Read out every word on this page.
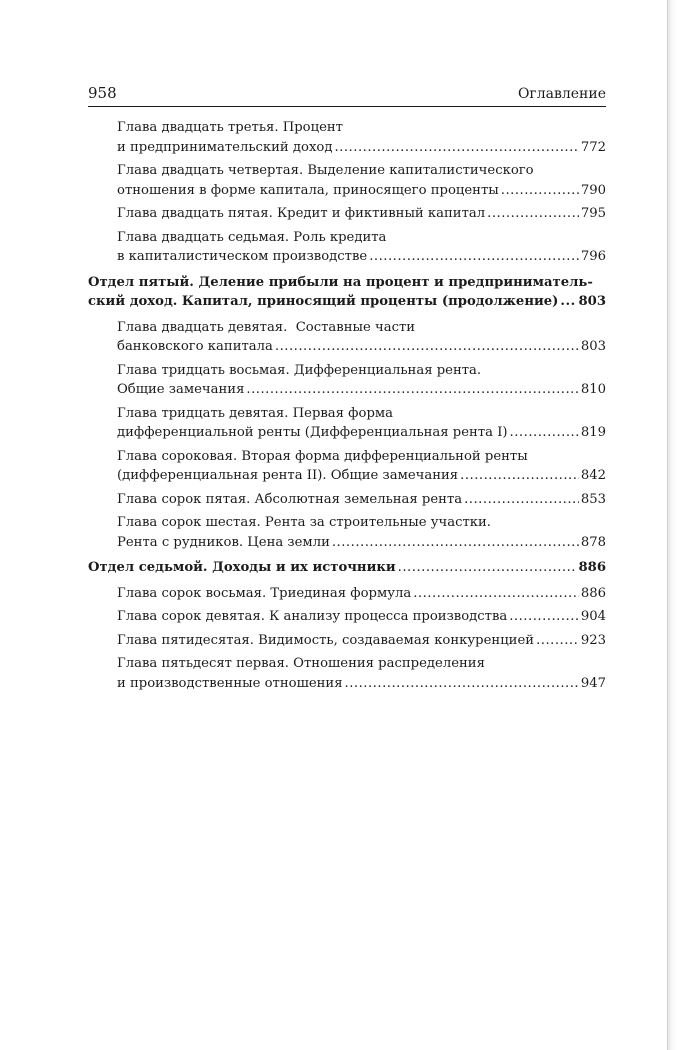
958	Оглавление
Глава двадцать третья. Процент
и предпринимательский доход .....	772
Глава двадцать четвертая. Выделение капиталистического
отношения в форме капитала, приносящего проценты .....	790
Глава двадцать пятая. Кредит и фиктивный капитал .....	795
Глава двадцать седьмая. Роль кредита
в капиталистическом производстве .....	796
Отдел пятый. Деление прибыли на процент и предприниматель-
ский доход. Капитал, приносящий проценты (продолжение) ..... 803
Глава двадцать девятая.  Составные части
банковского капитала .....	803
Глава тридцать восьмая. Дифференциальная рента.
Общие замечания .....	810
Глава тридцать девятая. Первая форма
дифференциальной ренты (Дифференциальная рента I) .....	819
Глава сороковая. Вторая форма дифференциальной ренты
(дифференциальная рента II). Общие замечания .....	842
Глава сорок пятая. Абсолютная земельная рента .....	853
Глава сорок шестая. Рента за строительные участки.
Рента с рудников. Цена земли .....	878
Отдел седьмой. Доходы и их источники .....	886
Глава сорок восьмая. Триединая формула .....	886
Глава сорок девятая. К анализу процесса производства .....	904
Глава пятидесятая. Видимость, создаваемая конкуренцией .....	923
Глава пятьдесят первая. Отношения распределения
и производственные отношения .....	947
